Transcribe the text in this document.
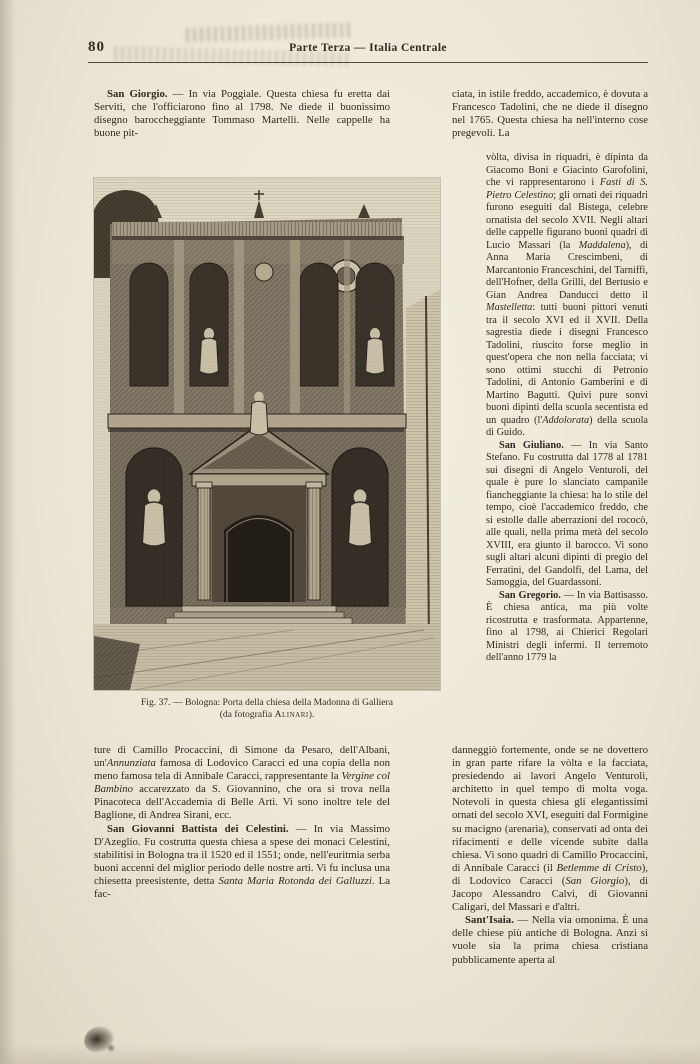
80	Parte Terza — Italia Centrale

San Giorgio. — In via Poggiale. Questa chiesa fu eretta dai Serviti, che l'officiarono fino al 1798. Ne diede il buonissimo disegno baroccheggiante Tommaso Martelli. Nelle cappelle ha buone pit-

ciata, in istile freddo, accademico, è dovuta a Francesco Tadolini, che ne diede il disegno nel 1765. Questa chiesa ha nell'interno cose pregevoli. La

vòlta, divisa in riquadri, è dipinta da Giacomo Boni e Giacinto Garofolini, che vi rappresentarono i Fasti di S. Pietro Celestino; gli ornati dei riquadri furono eseguiti dal Bistega, celebre ornatista del secolo XVII. Negli altari delle cappelle figurano buoni quadri di Lucio Massari (la Maddalena), di Anna Maria Crescimbeni, di Marcantonio Franceschini, del Tarniffi, dell'Hofner, della Grilli, del Bertusio e Gian Andrea Danducci detto il Mastelletta: tutti buoni pittori venuti tra il secolo XVI ed il XVII. Della sagrestia diede i disegni Francesco Tadolini, riuscito forse meglio in quest'opera che non nella facciata; vi sono ottimi stucchi di Petronio Tadolini, di Antonio Gamberini e di Martino Bagutti. Quivi pure sonvi buoni dipinti della scuola secentista ed un quadro (l'Addolorata) della scuola di Guido.

San Giuliano. — In via Santo Stefano. Fu costrutta dal 1778 al 1781 sui disegni di Angelo Venturoli, del quale è pure lo slanciato campanile fiancheggiante la chiesa: ha lo stile del tempo, cioè l'accademico freddo, che si estolle dalle aberrazioni del rococò, alle quali, nella prima metà del secolo XVIII, era giunto il barocco. Vi sono sugli altari alcuni dipinti di pregio del Ferratini, del Gandolfi, del Lama, del Samoggia, del Guardassoni.

San Gregorio. — In via Battisasso. È chiesa antica, ma più volte ricostrutta e trasformata. Appartenne, fino al 1798, ai Chierici Regolari Ministri degli infermi. Il terremoto dell'anno 1779 la

Fig. 37. — Bologna: Porta della chiesa della Madonna di Galliera
(da fotografia Alinari).

ture di Camillo Procaccini, di Simone da Pesaro, dell'Albani, un'Annunziata famosa di Lodovico Caracci ed una copia della non meno famosa tela di Annibale Caracci, rappresentante la Vergine col Bambino accarezzato da S. Giovannino, che ora si trova nella Pinacoteca dell'Accademia di Belle Arti. Vi sono inoltre tele del Baglione, di Andrea Sirani, ecc.

San Giovanni Battista dei Celestini. — In via Massimo D'Azeglio. Fu costrutta questa chiesa a spese dei monaci Celestini, stabilitisi in Bologna tra il 1520 ed il 1551; onde, nell'euritmia serba buoni accenni del miglior periodo delle nostre arti. Vi fu inclusa una chiesetta preesistente, detta Santa Maria Rotonda dei Galluzzi. La fac-

danneggiò fortemente, onde se ne dovettero in gran parte rifare la vòlta e la facciata, presiedendo ai lavori Angelo Venturoli, architetto in quel tempo di molta voga. Notevoli in questa chiesa gli elegantissimi ornati del secolo XVI, eseguiti dal Formigine su macigno (arenaria), conservati ad onta dei rifacimenti e delle vicende subite dalla chiesa. Vi sono quadri di Camillo Procaccini, di Annibale Caracci (il Betlemme di Cristo), di Lodovico Caracci (San Giorgio), di Jacopo Alessandro Calvi, di Giovanni Caligari, del Massari e d'altri.

Sant'Isaia. — Nella via omonima. È una delle chiese più antiche di Bologna. Anzi si vuole sia la prima chiesa cristiana pubblicamente aperta al
